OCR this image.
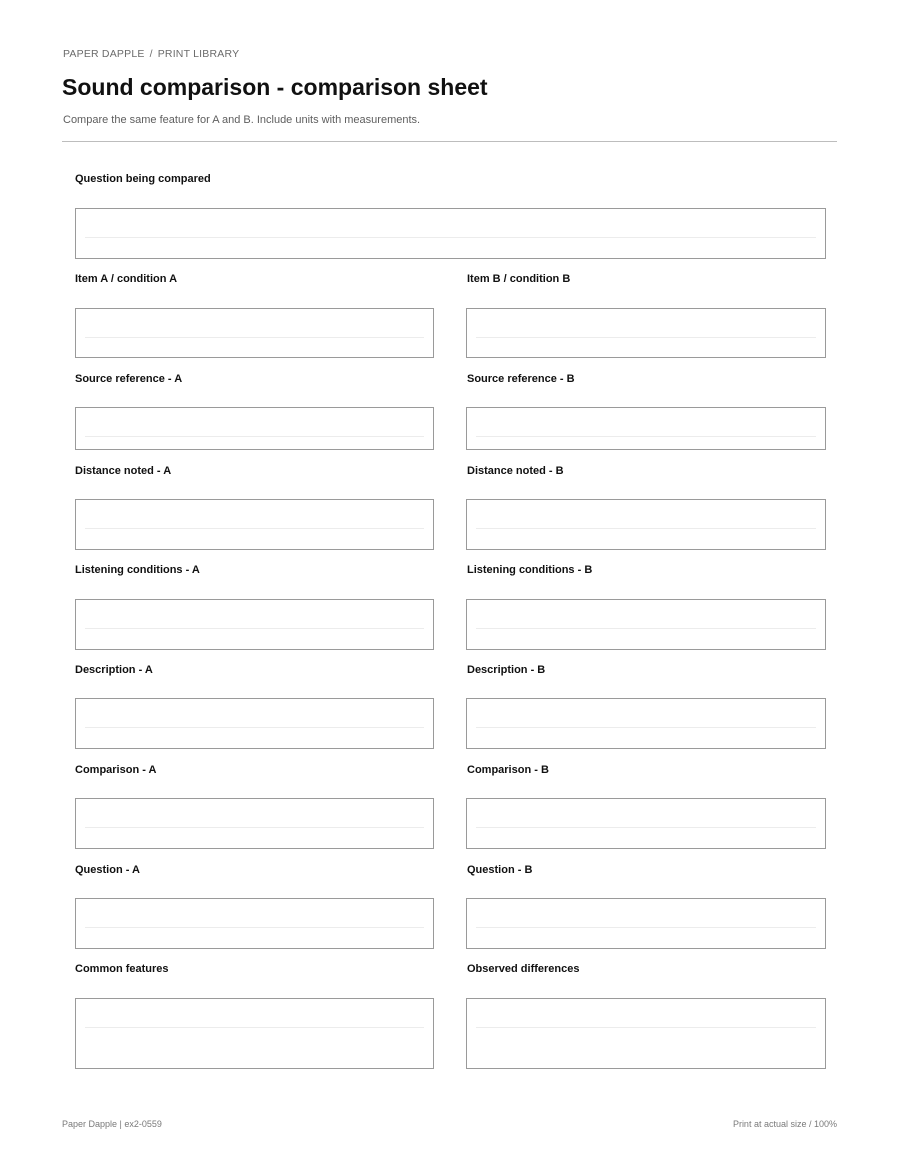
PAPER DAPPLE / PRINT LIBRARY
Sound comparison - comparison sheet
Compare the same feature for A and B. Include units with measurements.
Question being compared
Item A / condition A	Item B / condition B
Source reference - A	Source reference - B
Distance noted - A	Distance noted - B
Listening conditions - A	Listening conditions - B
Description - A	Description - B
Comparison - A	Comparison - B
Question - A	Question - B
Common features	Observed differences
Paper Dapple | ex2-0559	Print at actual size / 100%
